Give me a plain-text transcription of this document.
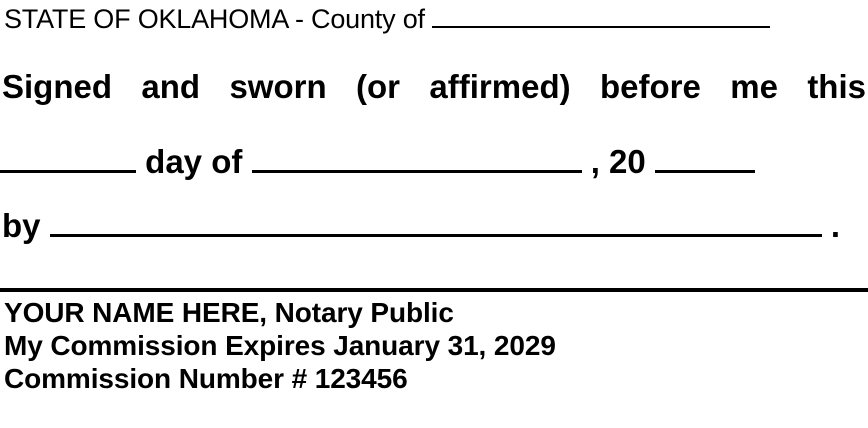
STATE OF OKLAHOMA - County of
Signed and sworn (or affirmed) before me this
day of	, 20
by	.
YOUR NAME HERE, Notary Public
My Commission Expires January 31, 2029
Commission Number # 123456
